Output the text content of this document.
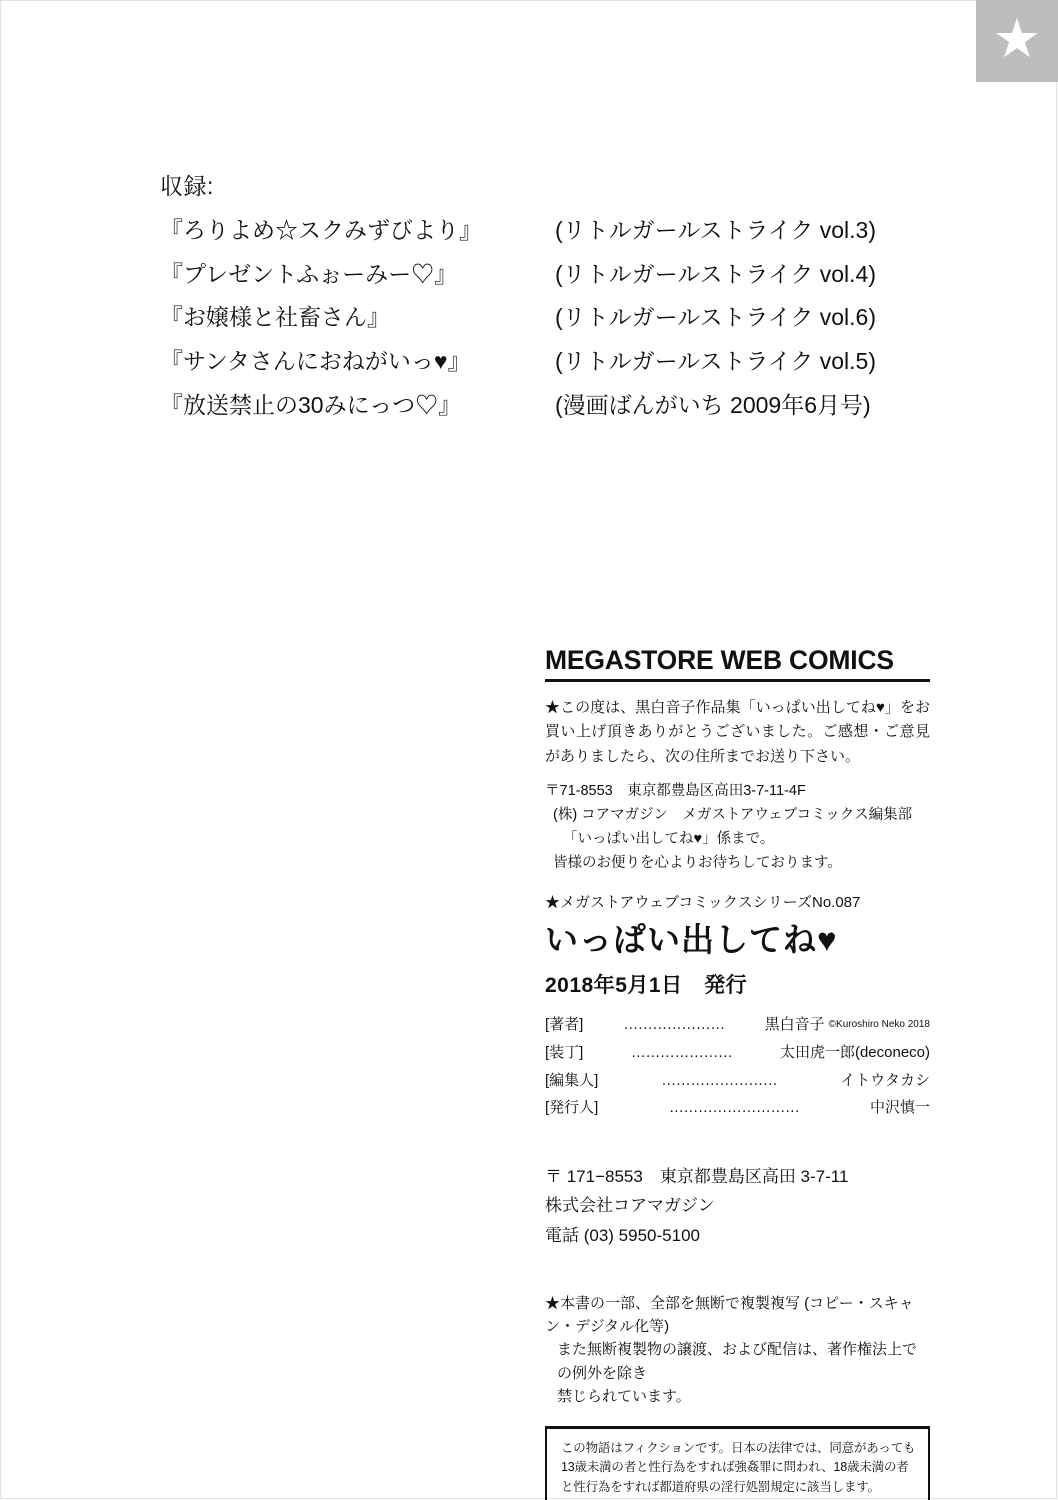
★
収録:
『ろりよめ☆スクみずびより』	(リトルガールストライク vol.3)
『プレゼントふぉーみー♡』	(リトルガールストライク vol.4)
『お嬢様と社畜さん』	(リトルガールストライク vol.6)
『サンタさんにおねがいっ♥』	(リトルガールストライク vol.5)
『放送禁止の30みにっつ♡』	(漫画ばんがいち 2009年6月号)
MEGASTORE WEB COMICS
★この度は、黒白音子作品集「いっぱい出してね♥」をお買い上げ頂きありがとうございました。ご感想・ご意見がありましたら、次の住所までお送り下さい。
〒71-8553　東京都豊島区高田3-7-11-4F
(株) コアマガジン　メガストアウェブコミックス編集部
「いっぱい出してね♥」係まで。
皆様のお便りを心よりお待ちしております。
★メガストアウェブコミックスシリーズNo.087
いっぱい出してね♥
2018年5月1日　発行
[著者]	…………………	黒白音子 ©Kuroshiro Neko 2018
[装丁]	…………………	太田虎一郎(deconeco)
[編集人]	……………………	イトウタカシ
[発行人]	………………………	中沢慎一
〒 171−8553　東京都豊島区高田 3-7-11
株式会社コアマガジン
電話 (03) 5950-5100
★本書の一部、全部を無断で複製複写 (コピー・スキャン・デジタル化等)
また無断複製物の譲渡、および配信は、著作権法上での例外を除き
禁じられています。
この物語はフィクションです。日本の法律では、同意があっても
13歳未満の者と性行為をすれば強姦罪に問われ、18歳未満の者
と性行為をすれば都道府県の淫行処罰規定に該当します。
